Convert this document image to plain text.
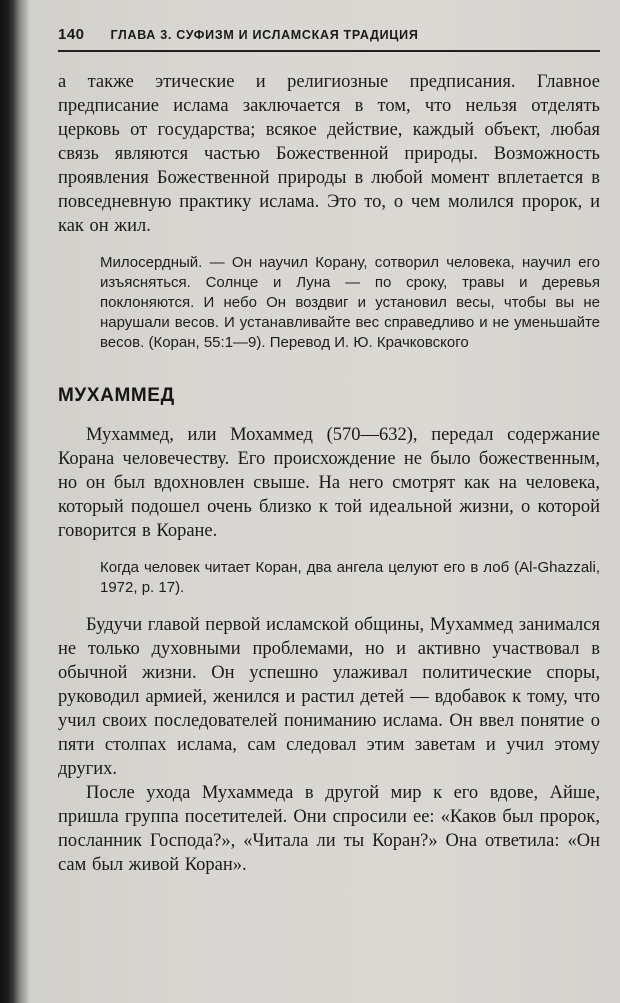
140 ГЛАВА 3. СУФИЗМ И ИСЛАМСКАЯ ТРАДИЦИЯ

а также этические и религиозные предписания. Главное предписание ислама заключается в том, что нельзя отделять церковь от государства; всякое действие, каждый объект, любая связь являются частью Божественной природы. Возможность проявления Божественной природы в любой момент вплетается в повседневную практику ислама. Это то, о чем молился пророк, и как он жил.

Милосердный. — Он научил Корану, сотворил человека, научил его изъясняться. Солнце и Луна — по сроку, травы и деревья поклоняются. И небо Он воздвиг и установил весы, чтобы вы не нарушали весов. И устанавливайте вес справедливо и не уменьшайте весов. (Коран, 55:1—9). Перевод И. Ю. Крачковского
МУХАММЕД

Мухаммед, или Мохаммед (570—632), передал содержание Корана человечеству. Его происхождение не было божественным, но он был вдохновлен свыше. На него смотрят как на человека, который подошел очень близко к той идеальной жизни, о которой говорится в Коране.

Когда человек читает Коран, два ангела целуют его в лоб (Al-Ghazzali, 1972, p. 17).

Будучи главой первой исламской общины, Мухаммед занимался не только духовными проблемами, но и активно участвовал в обычной жизни. Он успешно улаживал политические споры, руководил армией, женился и растил детей — вдобавок к тому, что учил своих последователей пониманию ислама. Он ввел понятие о пяти столпах ислама, сам следовал этим заветам и учил этому других.

После ухода Мухаммеда в другой мир к его вдове, Айше, пришла группа посетителей. Они спросили ее: «Каков был пророк, посланник Господа?», «Читала ли ты Коран?» Она ответила: «Он сам был живой Коран».
